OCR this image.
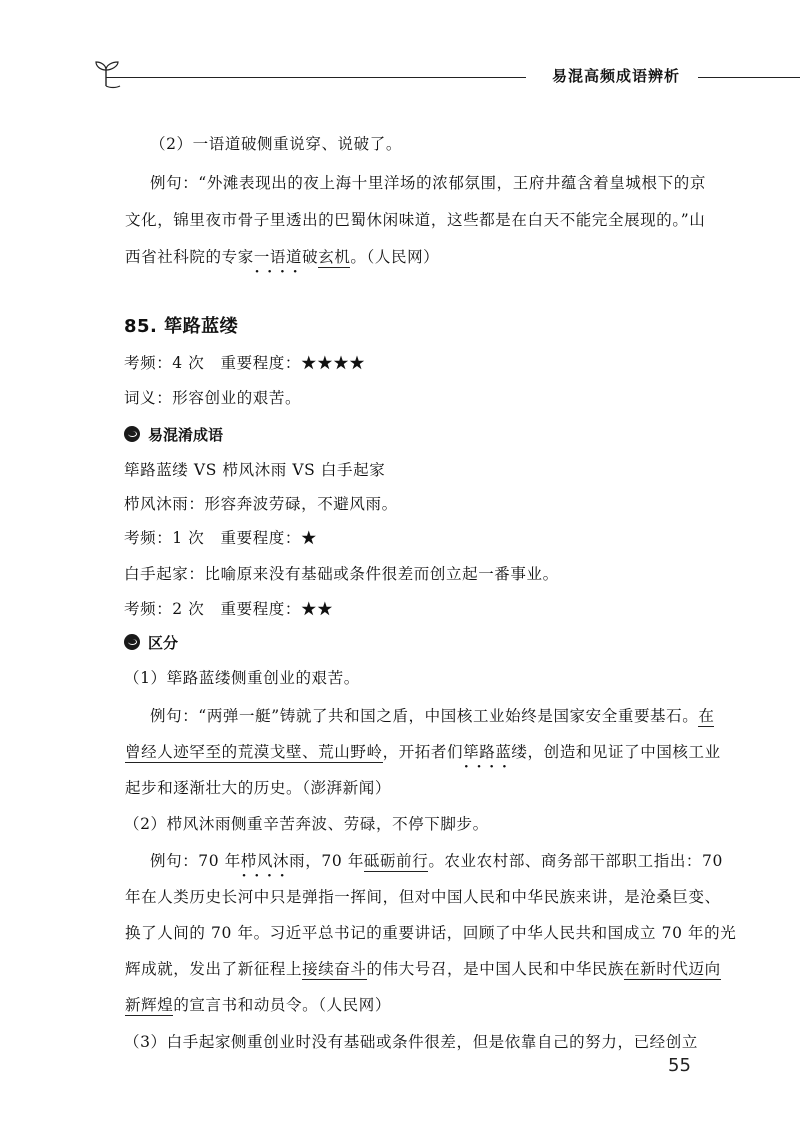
易混高频成语辨析
（2）一语道破侧重说穿、说破了。
例句：“外滩表现出的夜上海十里洋场的浓郁氛围，王府井蕴含着皇城根下的京
文化，锦里夜市骨子里透出的巴蜀休闲味道，这些都是在白天不能完全展现的。”山
西省社科院的专家一语道破 · · 玄机。（人民网）
85. 筚路蓝缕
考频：4 次　重要程度：★★★★
词义：形容创业的艰苦。
易混淆成语
筚路蓝缕 VS 栉风沐雨 VS 白手起家
栉风沐雨：形容奔波劳碌，不避风雨。
考频：1 次　重要程度：★
白手起家：比喻原来没有基础或条件很差而创立起一番事业。
考频：2 次　重要程度：★★
区分
（1）筚路蓝缕侧重创业的艰苦。
例句：“两弹一艇”铸就了共和国之盾，中国核工业始终是国家安全重要基石。在
曾经人迹罕至的荒漠戈壁、荒山野岭，开拓者们筚路蓝缕 · · ，创造和见证了中国核工业
起步和逐渐壮大的历史。（澎湃新闻）
（2）栉风沐雨侧重辛苦奔波、劳碌，不停下脚步。
例句：70 年栉风沐雨 · · ，70 年砥砺前行。农业农村部、商务部干部职工指出：70
年在人类历史长河中只是弹指一挥间，但对中国人民和中华民族来讲，是沧桑巨变、
换了人间的 70 年。习近平总书记的重要讲话，回顾了中华人民共和国成立 70 年的光
辉成就，发出了新征程上接续奋斗的伟大号召，是中国人民和中华民族在新时代迈向
新辉煌的宣言书和动员令。（人民网）
（3）白手起家侧重创业时没有基础或条件很差，但是依靠自己的努力，已经创立
55
